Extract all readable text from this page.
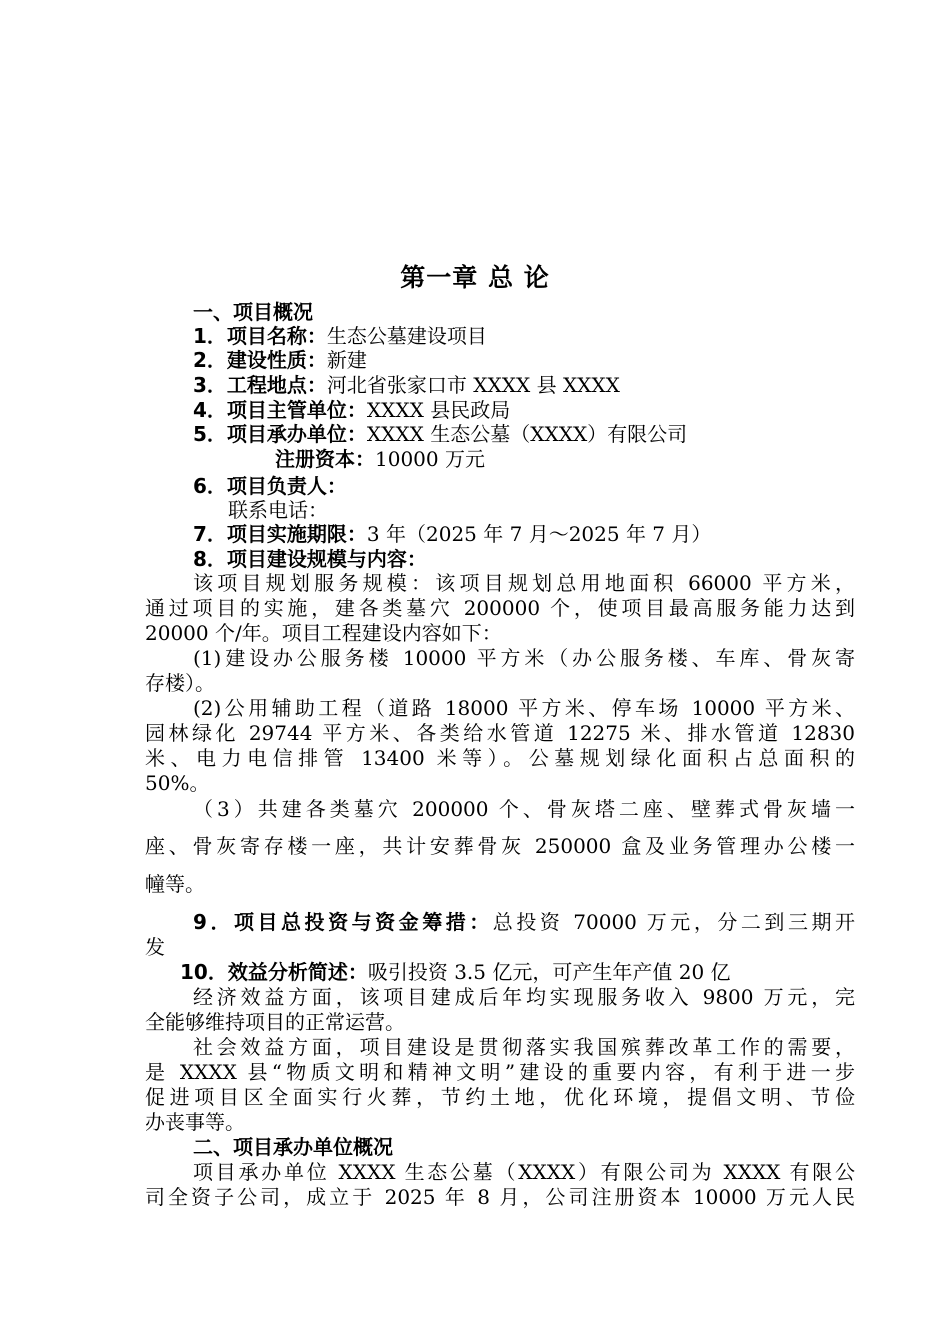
第一章 总 论
一、项目概况
1．项目名称：生态公墓建设项目
2．建设性质：新建
3．工程地点：河北省张家口市 XXXX 县 XXXX
4．项目主管单位：XXXX 县民政局
5．项目承办单位：XXXX 生态公墓（XXXX）有限公司
注册资本：10000 万元
6．项目负责人：
联系电话：
7．项目实施期限：3 年（2025 年 7 月～2025 年 7 月）
8．项目建设规模与内容：
该项目规划服务规模：该项目规划总用地面积 66000 平方米，
通过项目的实施，建各类墓穴 200000 个，使项目最高服务能力达到
20000 个/年。项目工程建设内容如下：
(1)建设办公服务楼 10000 平方米（办公服务楼、车库、骨灰寄
存楼）。
(2)公用辅助工程（道路 18000 平方米、停车场 10000 平方米、
园林绿化 29744 平方米、各类给水管道 12275 米、排水管道 12830
米、电力电信排管 13400 米等）。公墓规划绿化面积占总面积的
50%。
（3）共建各类墓穴 200000 个、骨灰塔二座、壁葬式骨灰墙一
座、骨灰寄存楼一座，共计安葬骨灰 250000 盒及业务管理办公楼一
幢等。
9．项目总投资与资金筹措：总投资 70000 万元，分二到三期开
发
10．效益分析简述：吸引投资 3.5 亿元，可产生年产值 20 亿
经济效益方面，该项目建成后年均实现服务收入 9800 万元，完
全能够维持项目的正常运营。
社会效益方面，项目建设是贯彻落实我国殡葬改革工作的需要，
是 XXXX 县“物质文明和精神文明”建设的重要内容，有利于进一步
促进项目区全面实行火葬，节约土地，优化环境，提倡文明、节俭
办丧事等。
二、项目承办单位概况
项目承办单位 XXXX 生态公墓（XXXX）有限公司为 XXXX 有限公
司全资子公司，成立于 2025 年 8 月，公司注册资本 10000 万元人民
